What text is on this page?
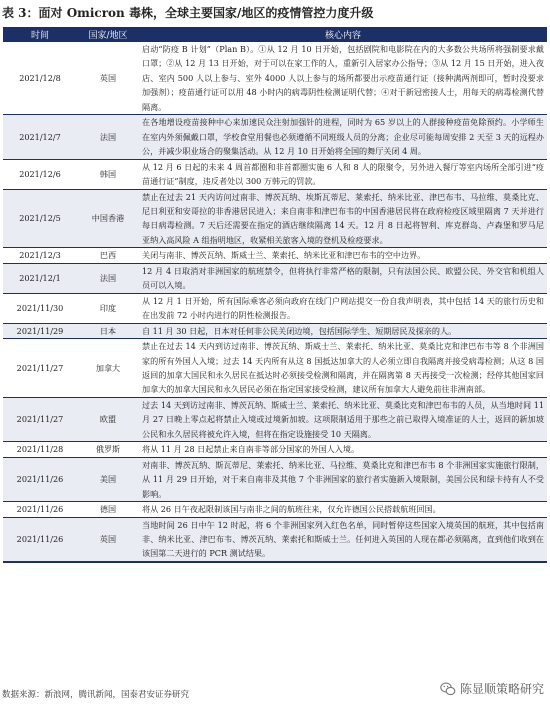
表 3：面对 Omicron 毒株，全球主要国家/地区的疫情管控力度升级
时间	国家/地区	核心内容
2021/12/8	英国	启动“防疫 B 计划”（Plan B）。①从 12 月 10 日开始，包括剧院和电影院在内的大多数公共场所将强制要求戴口罩；②从 12 月 13 日开始，对于可以在家工作的人，重新引入居家办公指导；③从 12 月 15 日开始，进入夜店、室内 500 人以上参与、室外 4000 人以上参与的场所都要出示疫苗通行证（接种满两剂即可，暂时没要求加强剂）；疫苗通行证可以用 48 小时内的病毒阴性检测证明代替；④对于新冠密接人士，用每天的病毒检测代替隔离。
2021/12/7	法国	在各地增设疫苗接种中心来加速民众注射加强针的进程，同时为 65 岁以上的人群接种疫苗免除预约。小学师生在室内外须佩戴口罩，学校食堂用餐也必须遵循不同班级人员的分离；企业尽可能每周安排 2 天至 3 天的远程办公，并减少职业场合的聚集活动。从 12 月 10 日开始将全国的舞厅关闭 4 周。
2021/12/6	韩国	从 12 月 6 日起的未来 4 周首都圈和非首都圈实施 6 人和 8 人的限聚令，另外进入餐厅等室内场所全部引进“疫苗通行证”制度，违反者处以 300 万韩元的罚款。
2021/12/5	中国香港	禁止在过去 21 天内访问过南非、博茨瓦纳、埃斯瓦蒂尼、莱索托、纳米比亚、津巴布韦、马拉维、莫桑比克、尼日利亚和安哥拉的非香港居民进入；来自南非和津巴布韦的中国香港居民将在政府检疫区域里隔离 7 天并进行每日病毒检测。7 天后还需要在指定的酒店继续隔离 14 天。12 月 8 日起将智利、库克群岛、卢森堡和罗马尼亚纳入高风险 A 组指明地区，收紧相关旅客入境的登机及检疫要求。
2021/12/3	巴西	关闭与南非、博茨瓦纳、斯威士兰、莱索托、纳米比亚和津巴布韦的空中边界。
2021/12/1	法国	12 月 4 日取消对非洲国家的航班禁令，但将执行非常严格的限制，只有法国公民、欧盟公民、外交官和机组人员可以入境。
2021/11/30	印度	从 12 月 1 日开始，所有国际乘客必须向政府在线门户网站提交一份自我声明表，其中包括 14 天的旅行历史和在出发前 72 小时内进行的阴性检测报告。
2021/11/29	日本	自 11 月 30 日起，日本对任何非公民关闭边境，包括国际学生、短期居民及探亲的人。
2021/11/27	加拿大	禁止在过去 14 天内到访过南非、博茨瓦纳、斯威士兰、莱索托、纳米比亚、莫桑比克和津巴布韦等 8 个非洲国家的所有外国人入境；过去 14 天内所有从这 8 国抵达加拿大的人必须立即自我隔离并接受病毒检测；从这 8 国返回的加拿大国民和永久居民在抵达时必须接受检测和隔离，并在隔离第 8 天再接受一次检测；经停其他国家回加拿大的加拿大国民和永久居民必须在指定国家接受检测，建议所有加拿大人避免前往非洲南部。
2021/11/27	欧盟	过去 14 天到访过南非、博茨瓦纳、斯威士兰、莱索托、纳米比亚、莫桑比克和津巴布韦的人员，从当地时间 11 月 27 日晚上零点起将禁止入境或过境新加坡。这项限制适用于那些之前已取得入境准证的人士，返回的新加坡公民和永久居民将被允许入境，但将在指定设施接受 10 天隔离。
2021/11/28	俄罗斯	将从 11 月 28 日起禁止来自南非等部分国家的外国人入境。
2021/11/26	美国	对南非、博茨瓦纳、斯瓦蒂尼、莱索托、纳米比亚、马拉维、莫桑比克和津巴布韦 8 个非洲国家实施旅行限制，从 11 月 29 日开始，对于来自南非及其他 7 个非洲国家的旅行者实施新入境限制，美国公民和绿卡持有人不受影响。
2021/11/26	德国	将从 26 日午夜起限制该国与南非之间的航班往来，仅允许德国公民搭载航班回国。
2021/11/26	英国	当地时间 26 日中午 12 时起，将 6 个非洲国家列入红色名单，同时暂停这些国家入境英国的航班，其中包括南非、纳米比亚、津巴布韦、博茨瓦纳、莱索托和斯威士兰。任何进入英国的人现在都必须隔离，直到他们收到在该国第二天进行的 PCR 测试结果。
数据来源：新浪网，腾讯新闻，国泰君安证券研究	陈显顺策略研究
